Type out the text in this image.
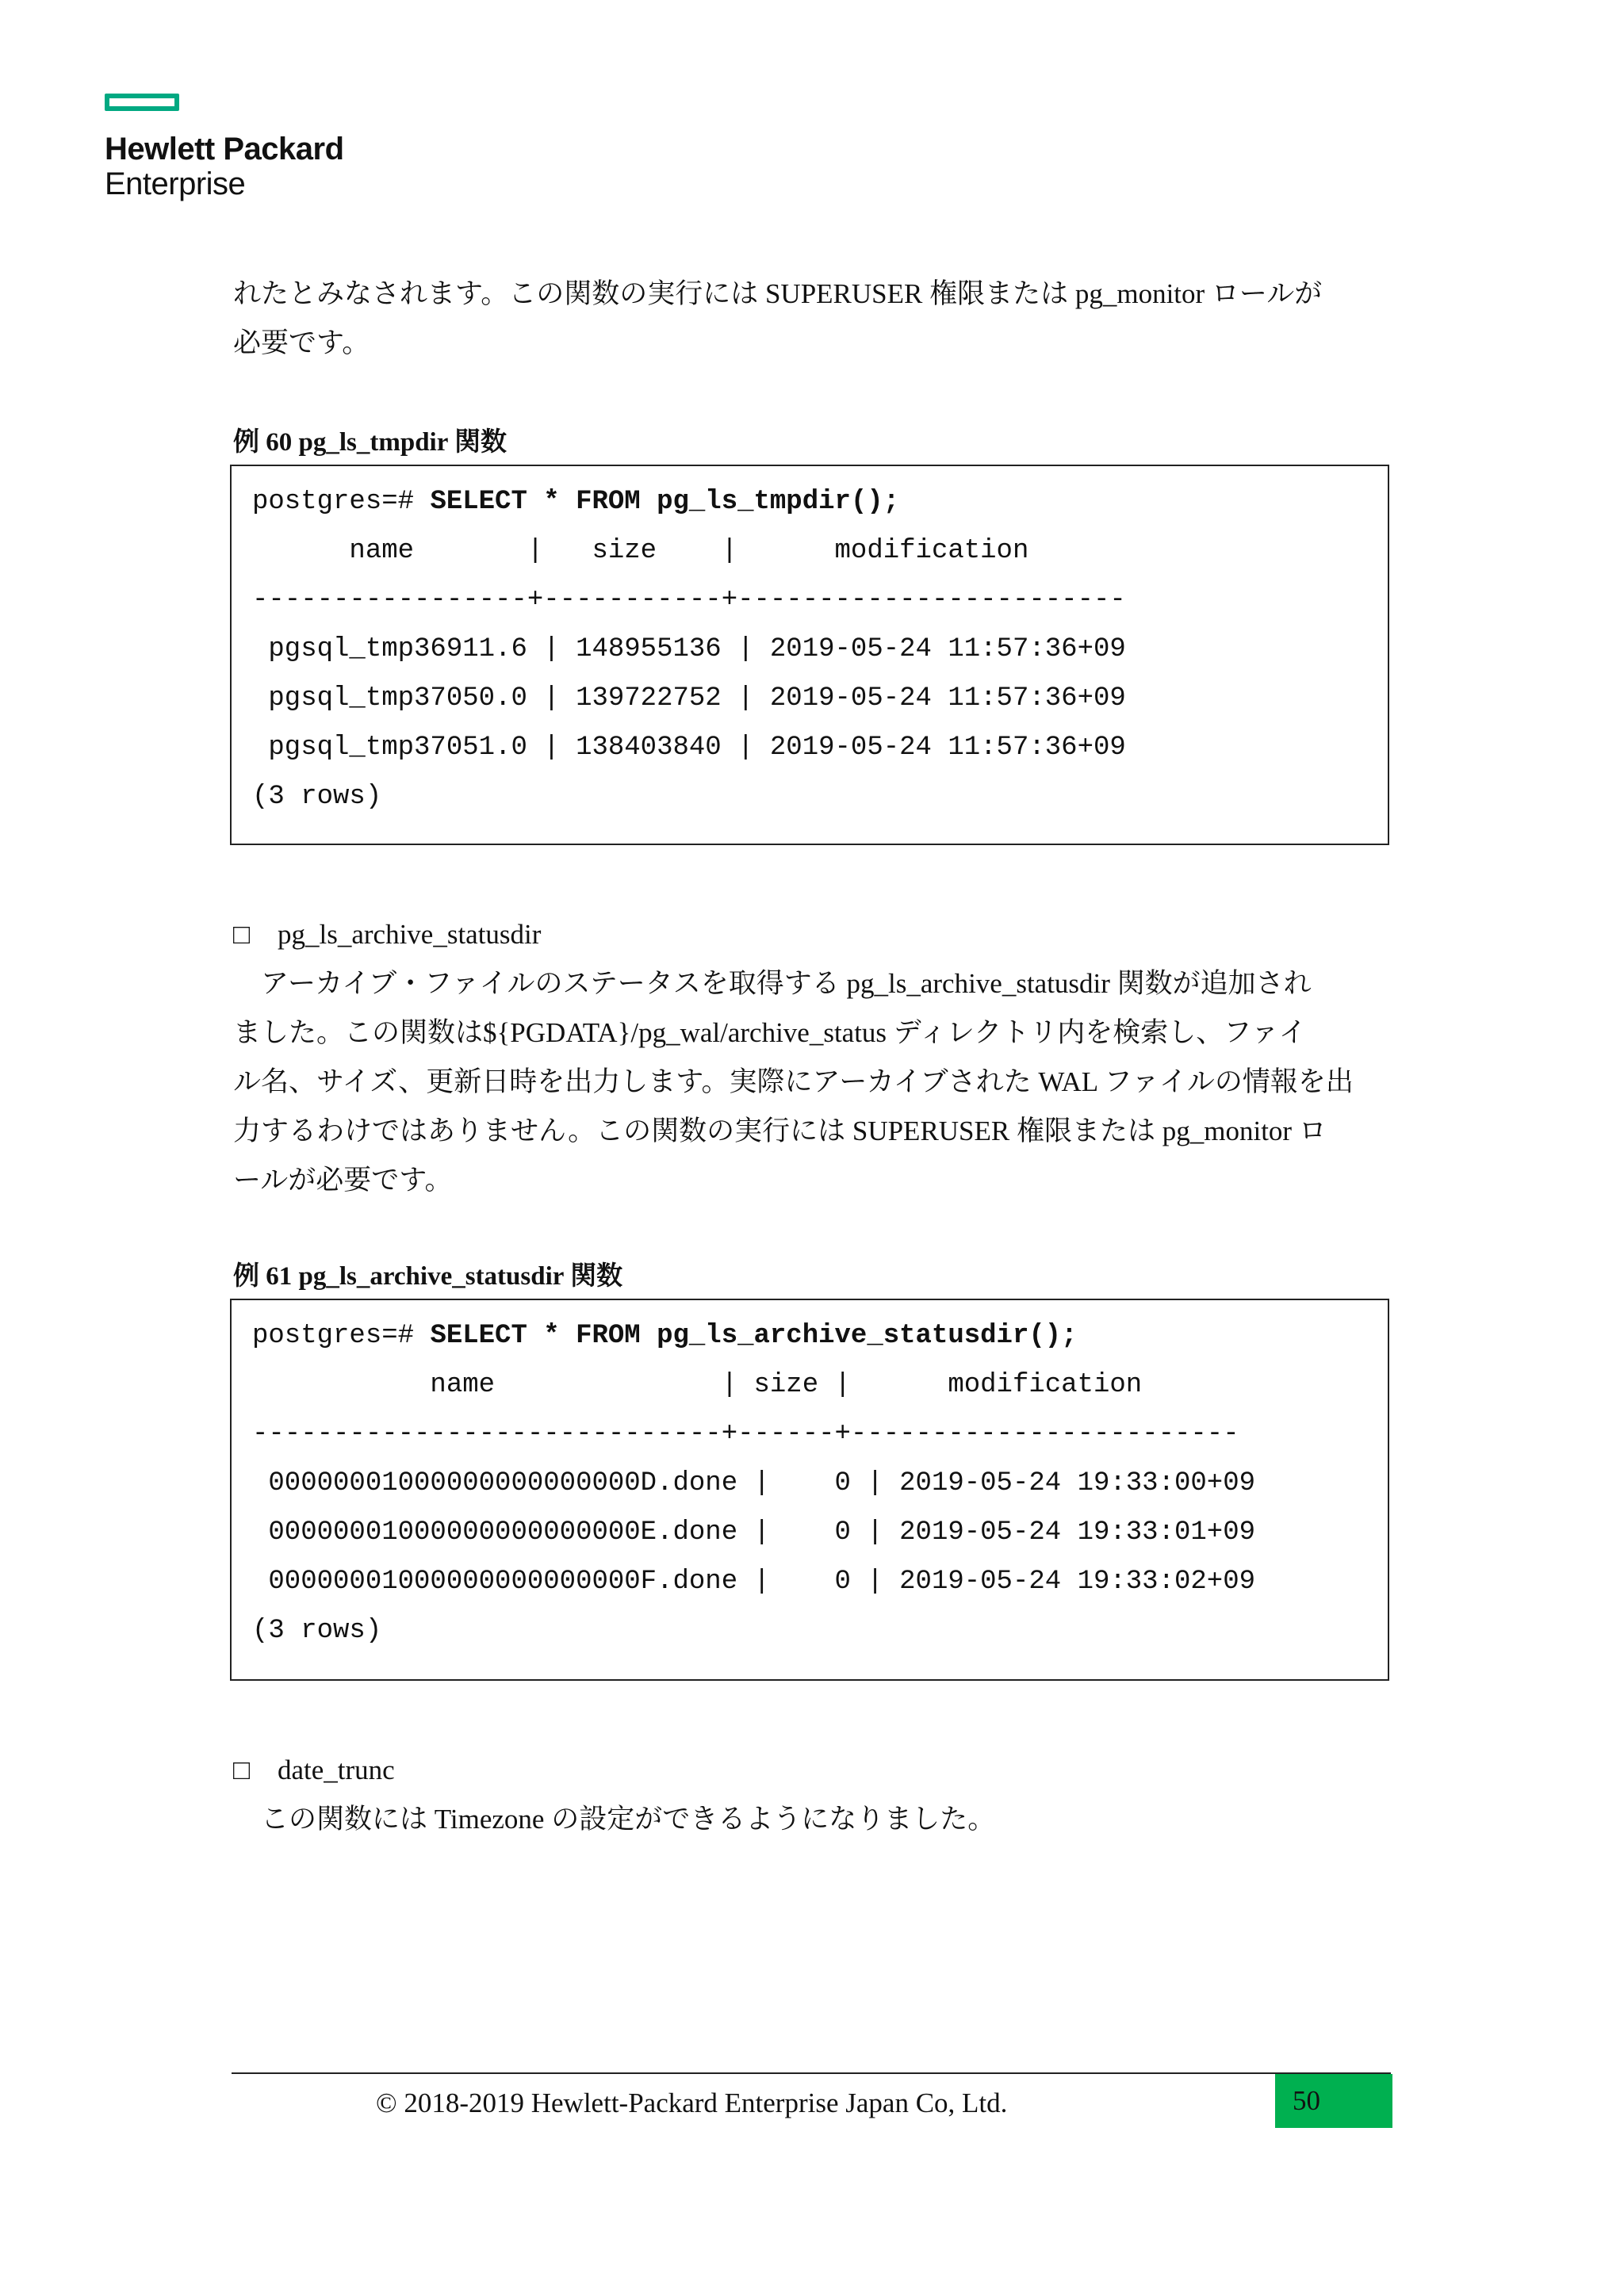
Hewlett Packard
Enterprise
れたとみなされます。この関数の実行には SUPERUSER 権限または pg_monitor ロールが
必要です。
例 60 pg_ls_tmpdir 関数
postgres=# SELECT * FROM pg_ls_tmpdir();
name       |   size    |      modification
-----------------+-----------+------------------------
pgsql_tmp36911.6 | 148955136 | 2019-05-24 11:57:36+09
pgsql_tmp37050.0 | 139722752 | 2019-05-24 11:57:36+09
pgsql_tmp37051.0 | 138403840 | 2019-05-24 11:57:36+09
(3 rows)
□ pg_ls_archive_statusdir
　アーカイブ・ファイルのステータスを取得する pg_ls_archive_statusdir 関数が追加され
ました。この関数は${PGDATA}/pg_wal/archive_status ディレクトリ内を検索し、ファイ
ル名、サイズ、更新日時を出力します。実際にアーカイブされた WAL ファイルの情報を出
力するわけではありません。この関数の実行には SUPERUSER 権限または pg_monitor ロ
ールが必要です。
例 61 pg_ls_archive_statusdir 関数
postgres=# SELECT * FROM pg_ls_archive_statusdir();
name              | size |      modification
-----------------------------+------+------------------------
00000001000000000000000D.done |    0 | 2019-05-24 19:33:00+09
00000001000000000000000E.done |    0 | 2019-05-24 19:33:01+09
00000001000000000000000F.done |    0 | 2019-05-24 19:33:02+09
(3 rows)
□ date_trunc
　この関数には Timezone の設定ができるようになりました。
© 2018-2019 Hewlett-Packard Enterprise Japan Co, Ltd.	50
